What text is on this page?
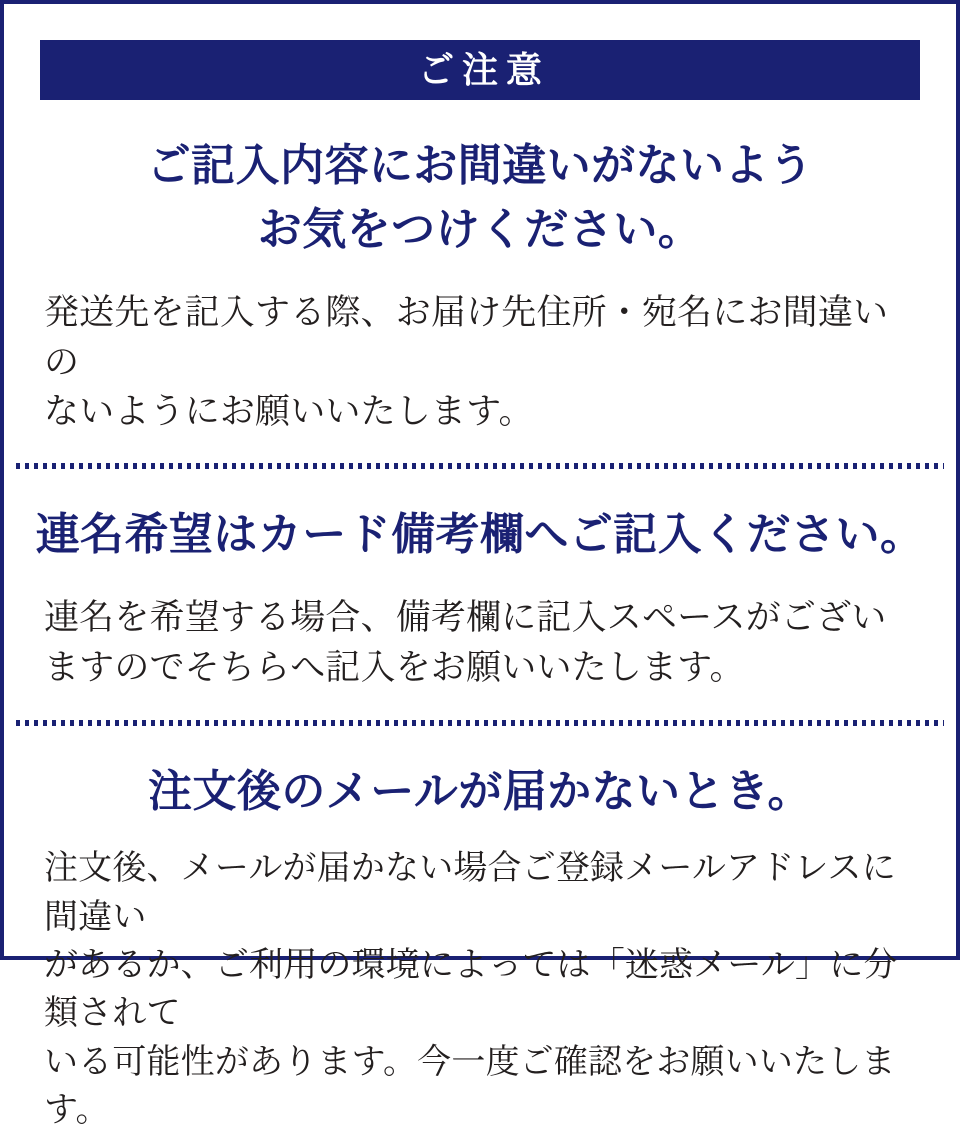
ご注意
ご記入内容にお間違いがないよう
お気をつけください。

発送先を記入する際、お届け先住所・宛名にお間違いの
ないようにお願いいたします。

連名希望はカード備考欄へご記入ください。

連名を希望する場合、備考欄に記入スペースがござい
ますのでそちらへ記入をお願いいたします。

注文後のメールが届かないとき。

注文後、メールが届かない場合ご登録メールアドレスに間違い
があるか、ご利用の環境によっては「迷惑メール」に分類されて
いる可能性があります。今一度ご確認をお願いいたします。
